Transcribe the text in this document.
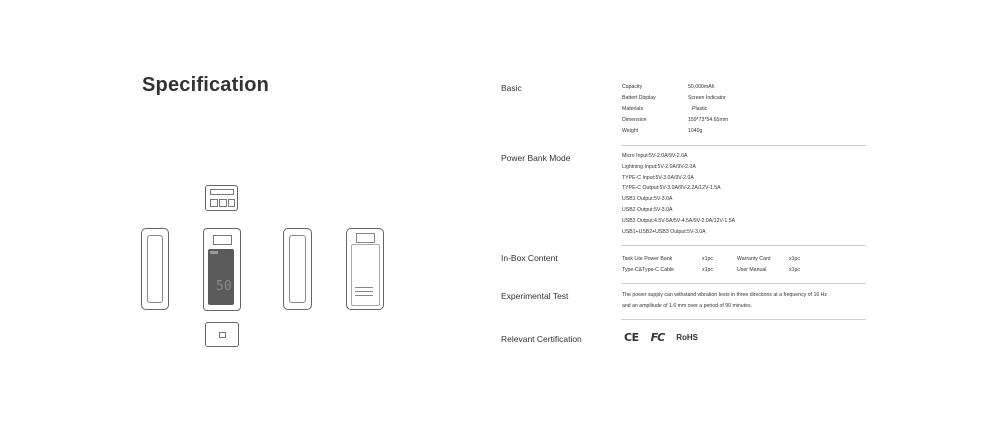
Specification
50
Basic	Capacity	50,000mAh
Battert Display	Screen Indicator
Materials	Plastic
Dimension	159*73*54.65mm
Weight	1040g
Power Bank Mode	Micro Input:5V-2.0A/9V-2.0A
Lightning Input:5V-2.0A/9V-2.0A
TYPE-C Input:5V-3.0A/9V-2.0A
TYPE-C Output:5V-3.0A/9V-2.2A/12V-1.5A
USB1 Output:5V-3.0A
USB2 Output:5V-3.0A
USB3 Output:4.5V-5A/5V-4.5A/9V-2.0A/12V-1.5A
USB1+USB2+USB3 Output:5V-3.0A
In-Box Content	Tank Lite Power Bank	x1pc	Warranty Card	x1pc
Type-C&Type-C Cable	x1pc	User Manual	x1pc
Experimental Test	The power supply can withstand vibration tests in three directions at a frequency of 16 Hz
and an amplitude of 1.6 mm over a period of 90 minutes.
Relevant Certification	CE FC RoHS
